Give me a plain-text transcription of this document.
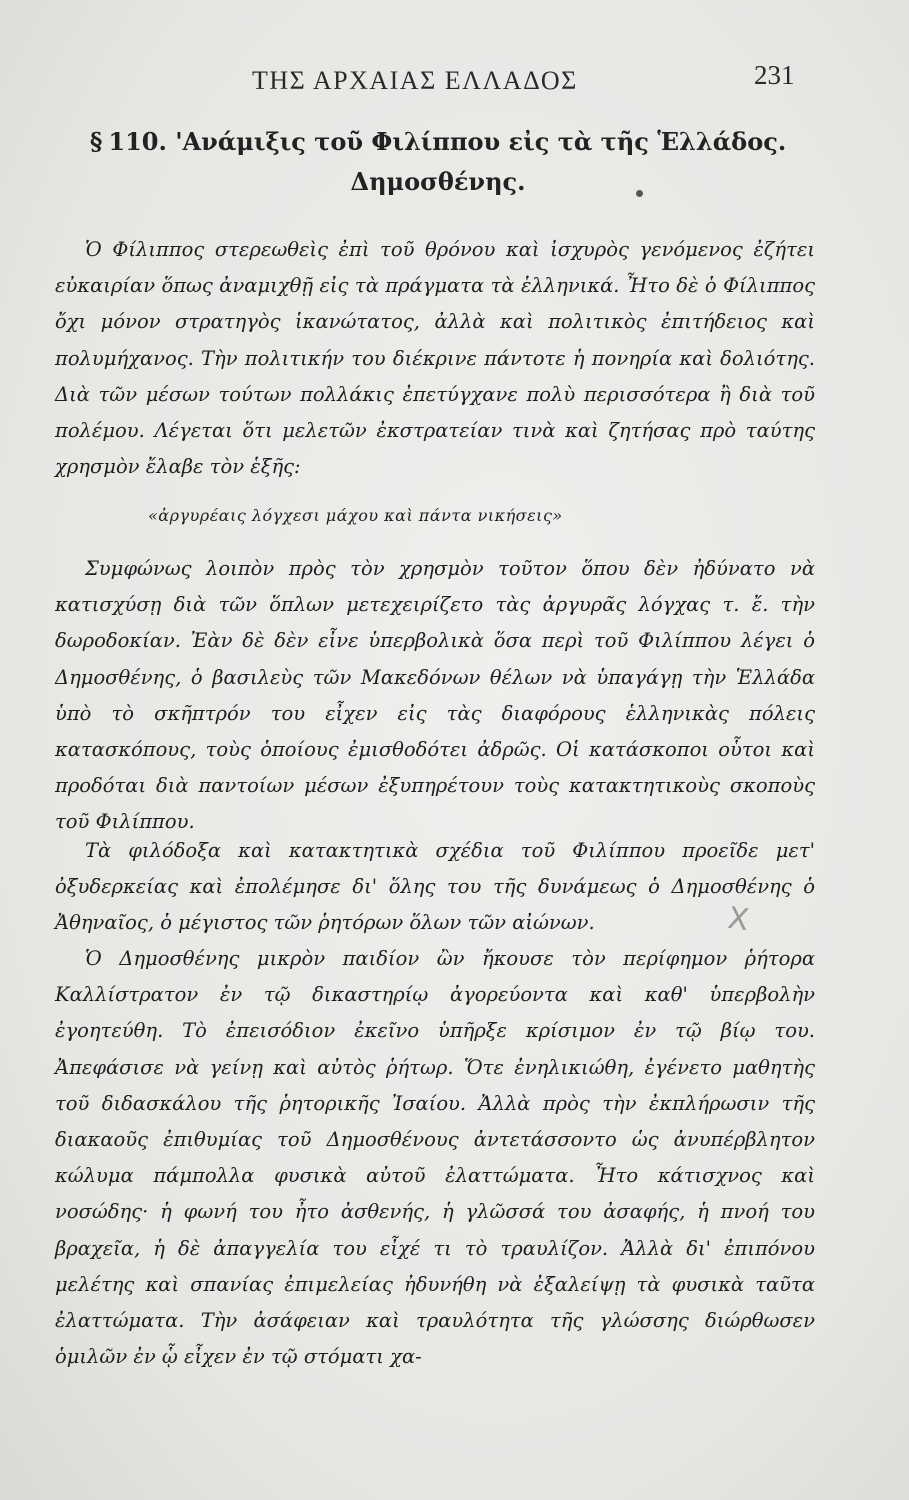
ΤΗΣ ΑΡΧΑΙΑΣ ΕΛΛΑΔΟΣ	231
§ 110. 'Ανάμιξις τοῦ Φιλίππου εἰς τὰ τῆς Ἑλλάδος.
Δημοσθένης.

Ὁ Φίλιππος στερεωθεὶς ἐπὶ τοῦ θρόνου καὶ ἰσχυρὸς γενόμενος ἐζήτει εὐκαιρίαν ὅπως ἀναμιχθῇ εἰς τὰ πράγματα τὰ ἑλληνικά. Ἦτο δὲ ὁ Φίλιππος ὄχι μόνον στρατηγὸς ἱκανώτατος, ἀλλὰ καὶ πολιτικὸς ἐπιτήδειος καὶ πολυμήχανος. Τὴν πολιτικήν του διέκρινε πάντοτε ἡ πονηρία καὶ δολιότης. Διὰ τῶν μέσων τούτων πολλάκις ἐπετύγχανε πολὺ περισσότερα ἢ διὰ τοῦ πολέμου. Λέγεται ὅτι μελετῶν ἐκστρατείαν τινὰ καὶ ζητήσας πρὸ ταύτης χρησμὸν ἔλαβε τὸν ἑξῆς:

«ἀργυρέαις λόγχεσι μάχου καὶ πάντα νικήσεις»

Συμφώνως λοιπὸν πρὸς τὸν χρησμὸν τοῦτον ὅπου δὲν ἠδύνατο νὰ κατισχύσῃ διὰ τῶν ὅπλων μετεχειρίζετο τὰς ἀργυρᾶς λόγχας τ. ἔ. τὴν δωροδοκίαν. Ἐὰν δὲ δὲν εἶνε ὑπερβολικὰ ὅσα περὶ τοῦ Φιλίππου λέγει ὁ Δημοσθένης, ὁ βασιλεὺς τῶν Μακεδόνων θέλων νὰ ὑπαγάγῃ τὴν Ἑλλάδα ὑπὸ τὸ σκῆπτρόν του εἶχεν εἰς τὰς διαφόρους ἑλληνικὰς πόλεις κατασκόπους, τοὺς ὁποίους ἐμισθοδότει ἀδρῶς. Οἱ κατάσκοποι οὗτοι καὶ προδόται διὰ παντοίων μέσων ἐξυπηρέτουν τοὺς κατακτητικοὺς σκοποὺς τοῦ Φιλίππου.

Τὰ φιλόδοξα καὶ κατακτητικὰ σχέδια τοῦ Φιλίππου προεῖδε μετ' ὀξυδερκείας καὶ ἐπολέμησε δι' ὅλης του τῆς δυνάμεως ὁ Δημοσθένης ὁ Ἀθηναῖος, ὁ μέγιστος τῶν ῥητόρων ὅλων τῶν αἰώνων.	X

Ὁ Δημοσθένης μικρὸν παιδίον ὢν ἤκουσε τὸν περίφημον ῥήτορα Καλλίστρατον ἐν τῷ δικαστηρίῳ ἀγορεύοντα καὶ καθ' ὑπερβολὴν ἐγοητεύθη. Τὸ ἐπεισόδιον ἐκεῖνο ὑπῆρξε κρίσιμον ἐν τῷ βίῳ του. Ἀπεφάσισε νὰ γείνῃ καὶ αὐτὸς ῥήτωρ. Ὅτε ἐνηλικιώθη, ἐγένετο μαθητὴς τοῦ διδασκάλου τῆς ῥητορικῆς Ἰσαίου. Ἀλλὰ πρὸς τὴν ἐκπλήρωσιν τῆς διακαοῦς ἐπιθυμίας τοῦ Δημοσθένους ἀντετάσσοντο ὡς ἀνυπέρβλητον κώλυμα πάμπολλα φυσικὰ αὐτοῦ ἐλαττώματα. Ἦτο κάτισχνος καὶ νοσώδης· ἡ φωνή του ἦτο ἀσθενής, ἡ γλῶσσά του ἀσαφής, ἡ πνοή του βραχεῖα, ἡ δὲ ἀπαγγελία του εἶχέ τι τὸ τραυλίζον. Ἀλλὰ δι' ἐπιπόνου μελέτης καὶ σπανίας ἐπιμελείας ἠδυνήθη νὰ ἐξαλείψῃ τὰ φυσικὰ ταῦτα ἐλαττώματα. Τὴν ἀσάφειαν καὶ τραυλότητα τῆς γλώσσης διώρθωσεν ὁμιλῶν ἐν ᾧ εἶχεν ἐν τῷ στόματι χα-
